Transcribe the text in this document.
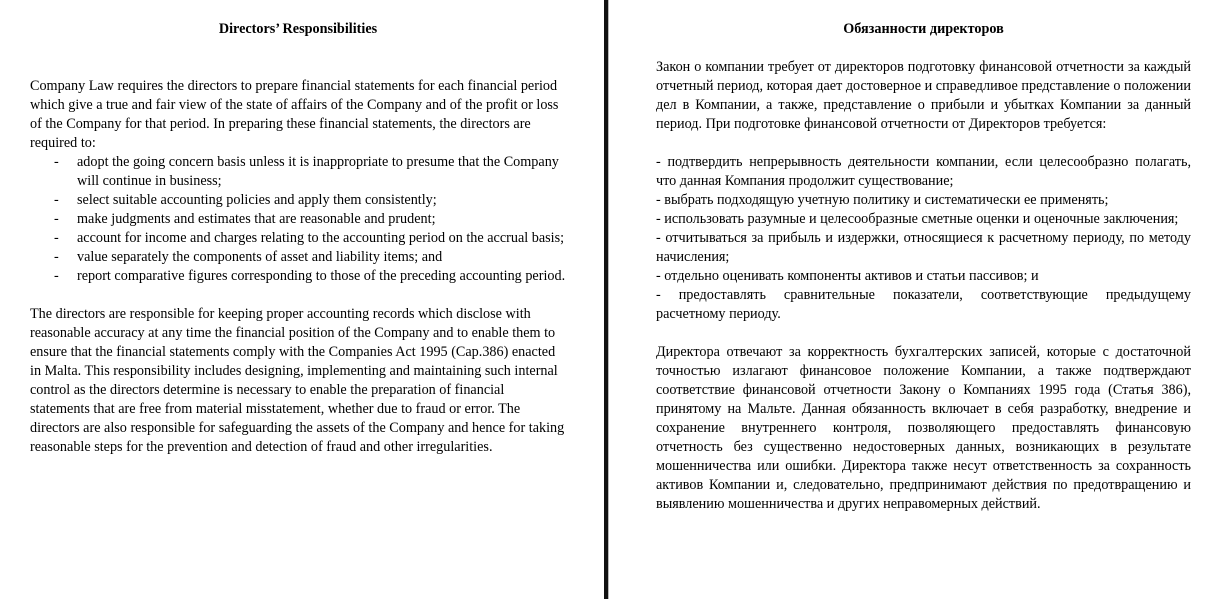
Directors’ Responsibilities

Company Law requires the directors to prepare financial statements for each financial period which give a true and fair view of the state of affairs of the Company and of the profit or loss of the Company for that period. In preparing these financial statements, the directors are required to:

- adopt the going concern basis unless it is inappropriate to presume that the Company will continue in business;
- select suitable accounting policies and apply them consistently;
- make judgments and estimates that are reasonable and prudent;
- account for income and charges relating to the accounting period on the accrual basis;
- value separately the components of asset and liability items; and
- report comparative figures corresponding to those of the preceding accounting period.

The directors are responsible for keeping proper accounting records which disclose with reasonable accuracy at any time the financial position of the Company and to enable them to ensure that the financial statements comply with the Companies Act 1995 (Cap.386) enacted in Malta. This responsibility includes designing, implementing and maintaining such internal control as the directors determine is necessary to enable the preparation of financial statements that are free from material misstatement, whether due to fraud or error. The directors are also responsible for safeguarding the assets of the Company and hence for taking reasonable steps for the prevention and detection of fraud and other irregularities.

Обязанности директоров

Закон о компании требует от директоров подготовку финансовой отчетности за каждый отчетный период, которая дает достоверное и справедливое представление о положении дел в Компании, а также, представление о прибыли и убытках Компании за данный период. При подготовке финансовой отчетности от Директоров требуется:

- подтвердить непрерывность деятельности компании, если целесообразно полагать, что данная Компания продолжит существование;

- выбрать подходящую учетную политику и систематически ее применять;

- использовать разумные и целесообразные сметные оценки и оценочные заключения;

- отчитываться за прибыль и издержки, относящиеся к расчетному периоду, по методу начисления;

- отдельно оценивать компоненты активов и статьи пассивов; и

- предоставлять сравнительные показатели, соответствующие предыдущему расчетному периоду.

Директора отвечают за корректность бухгалтерских записей, которые с достаточной точностью излагают финансовое положение Компании, а также подтверждают соответствие финансовой отчетности Закону о Компаниях 1995 года (Статья 386), принятому на Мальте. Данная обязанность включает в себя разработку, внедрение и сохранение внутреннего контроля, позволяющего предоставлять финансовую отчетность без существенно недостоверных данных, возникающих в результате мошенничества или ошибки. Директора также несут ответственность за сохранность активов Компании и, следовательно, предпринимают действия по предотвращению и выявлению мошенничества и других неправомерных действий.
